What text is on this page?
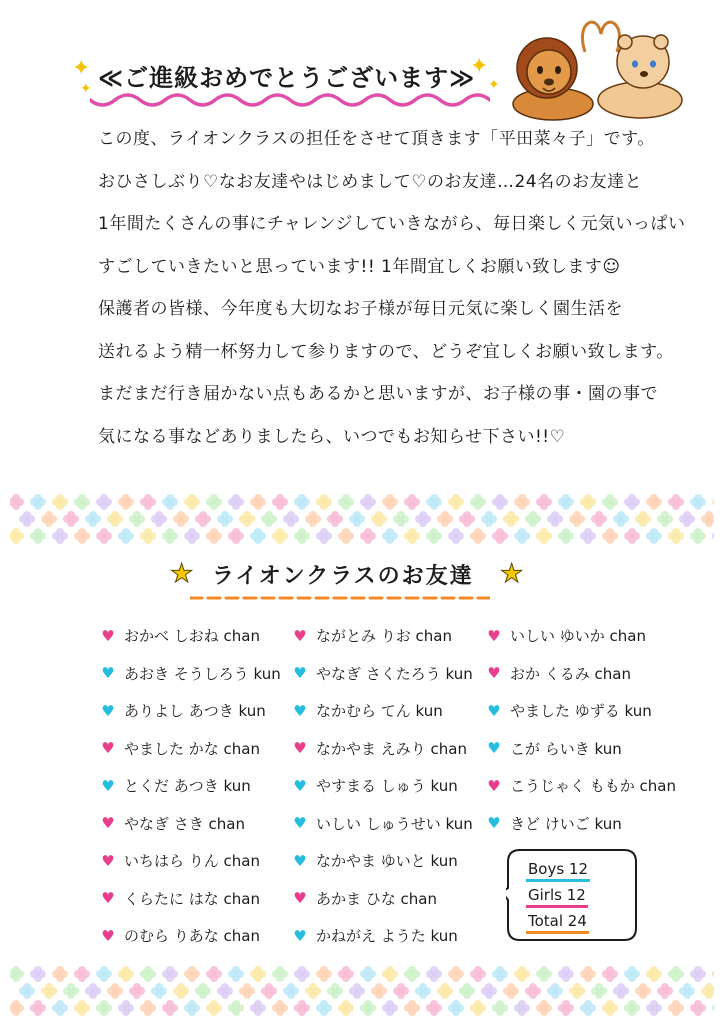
✦
✦ ≪ご進級おめでとうございます≫
✦
✦
この度、ライオンクラスの担任をさせて頂きます「平田菜々子」です。
おひさしぶり♡なお友達やはじめまして♡のお友達…24名のお友達と
1年間たくさんの事にチャレンジしていきながら、毎日楽しく元気いっぱい
すごしていきたいと思っています!! 1年間宜しくお願い致します☺
保護者の皆様、今年度も大切なお子様が毎日元気に楽しく園生活を
送れるよう精一杯努力して参りますので、どうぞ宜しくお願い致します。
まだまだ行き届かない点もあるかと思いますが、お子様の事・園の事で
気になる事などありましたら、いつでもお知らせ下さい!!♡
★ ライオンクラスのお友達 ★
♥ おかべ しおね chan
♥ あおき そうしろう kun
♥ ありよし あつき kun
♥ やました かな chan
♥ とくだ あつき kun
♥ やなぎ さき chan
♥ いちはら りん chan
♥ くらたに はな chan
♥ のむら りあな chan
♥ ながとみ りお chan
♥ やなぎ さくたろう kun
♥ なかむら てん kun
♥ なかやま えみり chan
♥ やすまる しゅう kun
♥ いしい しゅうせい kun
♥ なかやま ゆいと kun
♥ あかま ひな chan
♥ かねがえ ようた kun
♥ いしい ゆいか chan
♥ おか くるみ chan
♥ やました ゆずる kun
♥ こが らいき kun
♥ こうじゃく ももか chan
♥ きど けいご kun
Boys 12
Girls 12
Total 24
